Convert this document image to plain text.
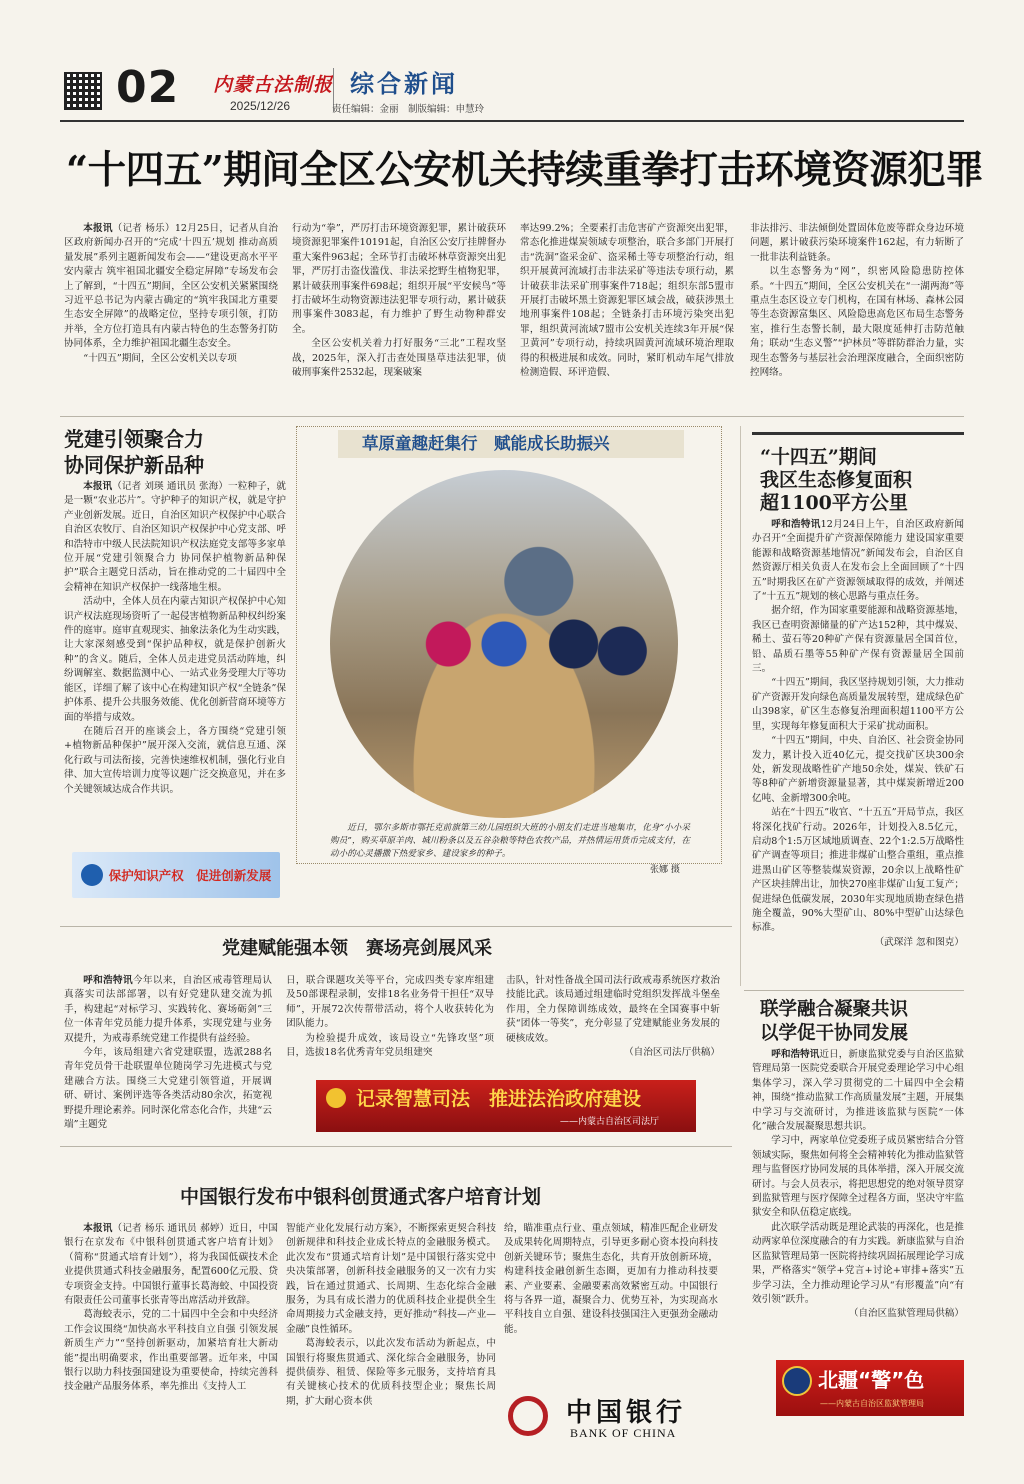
02 内蒙古法制报
2025/12/26
综合新闻
责任编辑：金丽　制版编辑：申慧玲
“十四五”期间全区公安机关持续重拳打击环境资源犯罪

本报讯（记者 杨乐）12月25日，记者从自治区政府新闻办召开的“完成‘十四五’规划 推动高质量发展”系列主题新闻发布会——“建设更高水平平安内蒙古 筑牢祖国北疆安全稳定屏障”专场发布会上了解到，“十四五”期间，全区公安机关紧紧围绕习近平总书记为内蒙古确定的“筑牢我国北方重要生态安全屏障”的战略定位，坚持专项引领，打防并举，全方位打造具有内蒙古特色的生态警务打防协同体系，全力维护祖国北疆生态安全。

“十四五”期间，全区公安机关以专项

行动为“拳”，严厉打击环境资源犯罪，累计破获环境资源犯罪案件10191起，自治区公安厅挂牌督办重大案件963起；全环节打击破坏林草资源突出犯罪，严厉打击盗伐滥伐、非法采挖野生植物犯罪，累计破获刑事案件698起；组织开展“平安候鸟”等打击破坏生动物资源违法犯罪专项行动，累计破获刑事案件3083起，有力维护了野生动物种群安全。

全区公安机关着力打好服务“三北”工程攻坚战，2025年，深入打击查处围垦草违法犯罪，侦破刑事案件2532起，现案破案

率达99.2%；全要素打击危害矿产资源突出犯罪，常态化推进煤炭领域专项整治，联合多部门开展打击“洗洞”盗采金矿、盗采稀土等专项整治行动，组织开展黄河流域打击非法采矿等违法专项行动，累计破获非法采矿刑事案件718起；组织东部5盟市开展打击破坏黑土资源犯罪区域会战，破获涉黑土地刑事案件108起；全链条打击环境污染突出犯罪，组织黄河流域7盟市公安机关连续3年开展“保卫黄河”专项行动，持续巩固黄河流域环境治理取得的积极进展和成效。同时，紧盯机动车尾气排放检测造假、环评造假、

非法排污、非法倾倒处置固体危废等群众身边环境问题，累计破获污染环境案件162起，有力斩断了一批非法利益链条。

以生态警务为“网”，织密风险隐患防控体系。“十四五”期间，全区公安机关在“一湖两海”等重点生态区设立专门机构，在国有林场、森林公园等生态资源富集区、风险隐患高危区布局生态警务室，推行生态警长制，最大限度延伸打击防范触角；联动“生态义警”“护林员”等群防群治力量，实现生态警务与基层社会治理深度融合，全面织密防控网络。

党建引领聚合力
协同保护新品种

本报讯（记者 刘瑛 通讯员 张海）一粒种子，就是一颗“农业芯片”。守护种子的知识产权，就是守护产业创新发展。近日，自治区知识产权保护中心联合自治区农牧厅、自治区知识产权保护中心党支部、呼和浩特市中级人民法院知识产权法庭党支部等多家单位开展“党建引领聚合力 协同保护植物新品种保护”联合主题党日活动，旨在推动党的二十届四中全会精神在知识产权保护一线落地生根。

活动中，全体人员在内蒙古知识产权保护中心知识产权法庭现场资听了一起侵害植物新品种权纠纷案件的庭审。庭审直观现实、抽象法条化为生动实践，让大家深刻感受到“保护品种权，就是保护创新火种”的含义。随后，全体人员走进党员活动阵地，纠纷调解室、数据监测中心、一站式业务受理大厅等功能区，详细了解了该中心在构建知识产权“全链条”保护体系、提升公共服务效能、优化创新营商环境等方面的举措与成效。

在随后召开的座谈会上，各方围绕“党建引领+植物新品种保护”展开深入交流，就信息互通、深化行政与司法衔接，完善快速维权机制，强化行业自律、加大宣传培训力度等议题广泛交换意见，并在多个关键领域达成合作共识。

保护知识产权　促进创新发展
草原童趣赶集行　赋能成长助振兴

近日，鄂尔多斯市鄂托克前旗第三幼儿园组织大班的小朋友们走进当地集市，化身“小小采购员”，购买草原羊肉、城川粉条以及五谷杂粮等特色农牧产品，并热情运用货币完成支付，在动小的心灵播撒下热爱家乡、建设家乡的种子。

张娜 摄
“十四五”期间
我区生态修复面积
超1100平方公里

呼和浩特讯12月24日上午，自治区政府新闻办召开“全面提升矿产资源保障能力 建设国家重要能源和战略资源基地情况”新闻发布会，自治区自然资源厅相关负责人在发布会上全面回顾了“十四五”时期我区在矿产资源领域取得的成效，并阐述了“十五五”规划的核心思路与重点任务。

据介绍，作为国家重要能源和战略资源基地，我区已查明资源储量的矿产达152种，其中煤炭、稀土、萤石等20种矿产保有资源量居全国首位，铅、晶质石墨等55种矿产保有资源量居全国前三。

“十四五”期间，我区坚持规划引领，大力推动矿产资源开发向绿色高质量发展转型，建成绿色矿山398家，矿区生态修复治理面积超1100平方公里，实现每年修复面积大于采矿扰动面积。

“十四五”期间，中央、自治区、社会资金协同发力，累计投入近40亿元，提交找矿区块300余处，新发现战略性矿产地50余处，煤炭、铁矿石等8种矿产新增资源量显著，其中煤炭新增近200亿吨、金新增300余吨。

站在“十四五”收官、“十五五”开局节点，我区将深化找矿行动。2026年，计划投入8.5亿元，启动8个1:5万区域地质调查、22个1:2.5万战略性矿产调查等项目；推进非煤矿山整合重组，重点推进黑山矿区等整装煤炭资源，20余以上战略性矿产区块挂牌出让，加快270座非煤矿山复工复产；促进绿色低碳发展，2030年实现地质勘查绿色措施全覆盖，90%大型矿山、80%中型矿山达绿色标准。

（武琛洋 忽和图克）

党建赋能强本领　赛场亮剑展风采

呼和浩特讯今年以来，自治区戒毒管理局认真落实司法部部署，以有好党建队建交流为抓手，构建起“对标学习、实践转化、赛场砺剑”三位一体青年党员能力提升体系，实现党建与业务双提升，为戒毒系统党建工作提供有益经验。

今年，该局组建六省党建联盟，选派288名青年党员骨干赴联盟单位随岗学习先进模式与党建融合方法。围绕三大党建引领管道，开展调研、研讨、案例评选等各类活动80余次，拓宽视野提升理论素养。同时深化常态化合作，共建“云端”主题党

日，联合课题攻关等平台，完成四类专家库组建及50部课程录制，安排18名业务骨干担任“双导师”，开展72次传帮带活动，将个人收获转化为团队能力。

为检验提升成效，该局设立“先锋攻坚”项目，选拔18名优秀青年党员组建突

击队，针对性备战全国司法行政戒毒系统医疗救治技能比武。该局通过组建临时党组织发挥战斗堡垒作用，全力保障训练成效，最终在全国赛事中斩获“团体一等奖”，充分彰显了党建赋能业务发展的硬核成效。

（自治区司法厅供稿）

记录智慧司法　推进法治政府建设
——内蒙古自治区司法厅
联学融合凝聚共识
以学促干协同发展

呼和浩特讯近日，新康监狱党委与自治区监狱管理局第一医院党委联合开展党委理论学习中心组集体学习，深入学习贯彻党的二十届四中全会精神，围绕“推动监狱工作高质量发展”主题，开展集中学习与交流研讨，为推进该监狱与医院“一体化”融合发展凝聚思想共识。

学习中，两家单位党委班子成员紧密结合分管领域实际，聚焦如何将全会精神转化为推动监狱管理与监督医疗协同发展的具体举措，深入开展交流研讨。与会人员表示，将把思想党的绝对领导贯穿到监狱管理与医疗保障全过程各方面，坚决守牢监狱安全和队伍稳定底线。

此次联学活动既是理论武装的再深化，也是推动两家单位深度融合的有力实践。新康监狱与自治区监狱管理局第一医院将持续巩固拓展理论学习成果，严格落实“领学+党言+讨论+审排+落实”五步学习法，全力推动理论学习从“有形覆盖”向“有效引领”跃升。

（自治区监狱管理局供稿）

北疆“警”色
——内蒙古自治区监狱管理局
中国银行发布中银科创贯通式客户培育计划

本报讯（记者 杨乐 通讯员 郝婷）近日，中国银行在京发布《中银科创贯通式客户培育计划》（简称“贯通式培育计划”），将为我国低碳技术企业提供贯通式科技金融服务，配置600亿元股、贷专项资金支持。中国银行董事长葛海蛟、中国投资有限责任公司董事长张青等出席活动并致辞。

葛海蛟表示，党的二十届四中全会和中央经济工作会议围绕“加快高水平科技自立自强 引领发展新质生产力”“坚持创新驱动，加紧培育壮大新动能”提出明确要求，作出重要部署。近年来，中国银行以助力科技强国建设为重要使命，持续完善科技金融产品服务体系，率先推出《支持人工

智能产业化发展行动方案》，不断探索更契合科技创新规律和科技企业成长特点的金融服务模式。此次发布“贯通式培育计划”是中国银行落实党中央决策部署，创新科技金融服务的又一次有力实践，旨在通过贯通式、长周期、生态化综合金融服务，为具有成长潜力的优质科技企业提供全生命周期接力式金融支持，更好推动“科技—产业—金融”良性循环。

葛海蛟表示，以此次发布活动为新起点，中国银行将聚焦贯通式、深化综合金融服务，协同提供债券、租赁、保险等多元服务，支持培育具有关键核心技术的优质科技型企业；聚焦长周期，扩大耐心资本供

给，瞄准重点行业、重点领域，精准匹配企业研发及成果转化周期特点，引导更多耐心资本投向科技创新关键环节；聚焦生态化，共育开放创新环境，构建科技金融创新生态圈，更加有力推动科技要素、产业要素、金融要素高效紧密互动。中国银行将与各界一道，凝聚合力、优势互补，为实现高水平科技自立自强、建设科技强国注入更强劲金融动能。

中国银行
BANK OF CHINA
